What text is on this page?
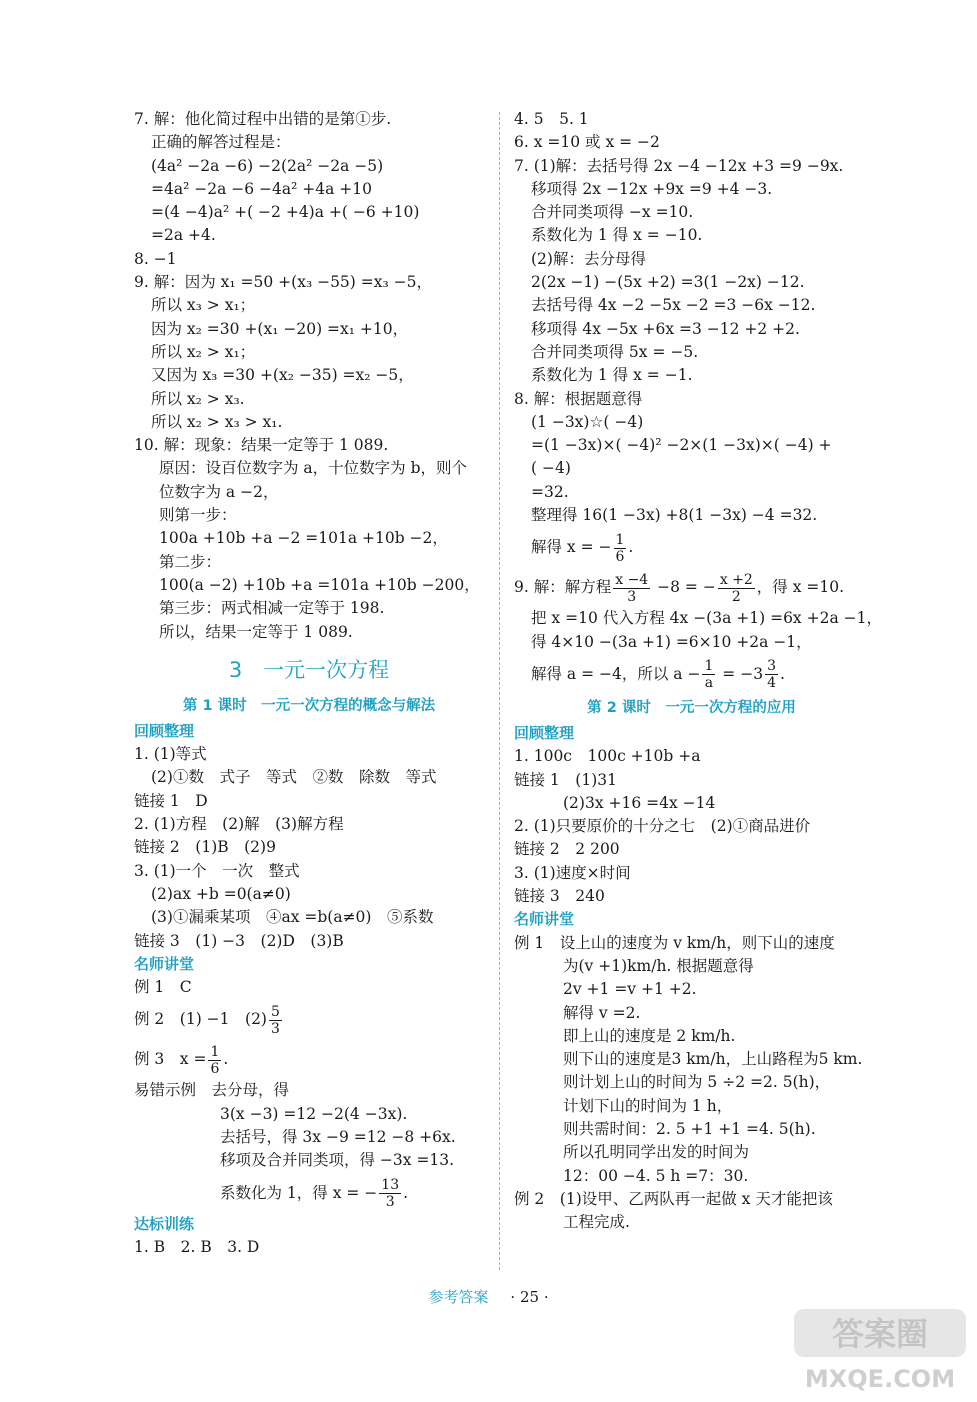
7. 解：他化简过程中出错的是第①步.
正确的解答过程是：
(4a² −2a −6) −2(2a² −2a −5)
=4a² −2a −6 −4a² +4a +10
=(4 −4)a² +( −2 +4)a +( −6 +10)
=2a +4.
8. −1
9. 解：因为 x₁ =50 +(x₃ −55) =x₃ −5，
所以 x₃ > x₁；
因为 x₂ =30 +(x₁ −20) =x₁ +10，
所以 x₂ > x₁；
又因为 x₃ =30 +(x₂ −35) =x₂ −5，
所以 x₂ > x₃.
所以 x₂ > x₃ > x₁.
10. 解：现象：结果一定等于 1 089.
原因：设百位数字为 a，十位数字为 b，则个
位数字为 a −2，
则第一步：
100a +10b +a −2 =101a +10b −2，
第二步：
100(a −2) +10b +a =101a +10b −200，
第三步：两式相减一定等于 198.
所以，结果一定等于 1 089.
3　一元一次方程
第 1 课时　一元一次方程的概念与解法
回顾整理
1. (1)等式
(2)①数　式子　等式　②数　除数　等式
链接 1　D
2. (1)方程　(2)解　(3)解方程
链接 2　(1)B　(2)9
3. (1)一个　一次　整式
(2)ax +b =0(a≠0)
(3)①漏乘某项　④ax =b(a≠0)　⑤系数
链接 3　(1) −3　(2)D　(3)B
名师讲堂
例 1　C
例 2　(1) −1　$(2) \frac{5}{3}$
例 3　$x = \frac{1}{6}$ .
易错示例　去分母，得
3(x −3) =12 −2(4 −3x).
去括号，得 3x −9 =12 −8 +6x.
移项及合并同类项，得 −3x =13.
系数化为 1，得 x = − $\frac{13}{3}$ .
达标训练
1. B　2. B　3. D
4. 5　5. 1
6. x =10 或 x = −2
7. (1)解：去括号得 2x −4 −12x +3 =9 −9x.
移项得 2x −12x +9x =9 +4 −3.
合并同类项得 −x =10.
系数化为 1 得 x = −10.
(2)解：去分母得
2(2x −1) −(5x +2) =3(1 −2x) −12.
去括号得 4x −2 −5x −2 =3 −6x −12.
移项得 4x −5x +6x =3 −12 +2 +2.
合并同类项得 5x = −5.
系数化为 1 得 x = −1.
8. 解：根据题意得
(1 −3x)☆( −4)
=(1 −3x)×( −4)² −2×(1 −3x)×( −4) +
( −4)
=32.
整理得 16(1 −3x) +8(1 −3x) −4 =32.
解得 x = − $\frac{1}{6}$ .
9. 解：解方程 $\frac{x -4}{3} -8$ = − $\frac{x +2}{2}$ ，得 x =10.
把 x =10 代入方程 4x −(3a +1) =6x +2a −1，
得 4×10 −(3a +1) =6×10 +2a −1，
解得 a = −4，所以 $a - \frac{1}{a} = -3 \frac{3}{4}$ .
第 2 课时　一元一次方程的应用
回顾整理
1. 100c　100c +10b +a
链接 1　(1)31
(2)3x +16 =4x −14
2. (1)只要原价的十分之七　(2)①商品进价
链接 2　2 200
3. (1)速度×时间
链接 3　240
名师讲堂
例 1　设上山的速度为 v km/h，则下山的速度
为(v +1)km/h. 根据题意得
2v +1 =v +1 +2.
解得 v =2.
即上山的速度是 2 km/h.
则下山的速度是3 km/h，上山路程为5 km.
则计划上山的时间为 5 ÷2 =2. 5(h)，
计划下山的时间为 1 h，
则共需时间：2. 5 +1 +1 =4. 5(h).
所以孔明同学出发的时间为
12：00 −4. 5 h =7：30.
例 2　(1)设甲、乙两队再一起做 x 天才能把该
工程完成.
参考答案 · 25 ·
答案圈
MXQE.COM
